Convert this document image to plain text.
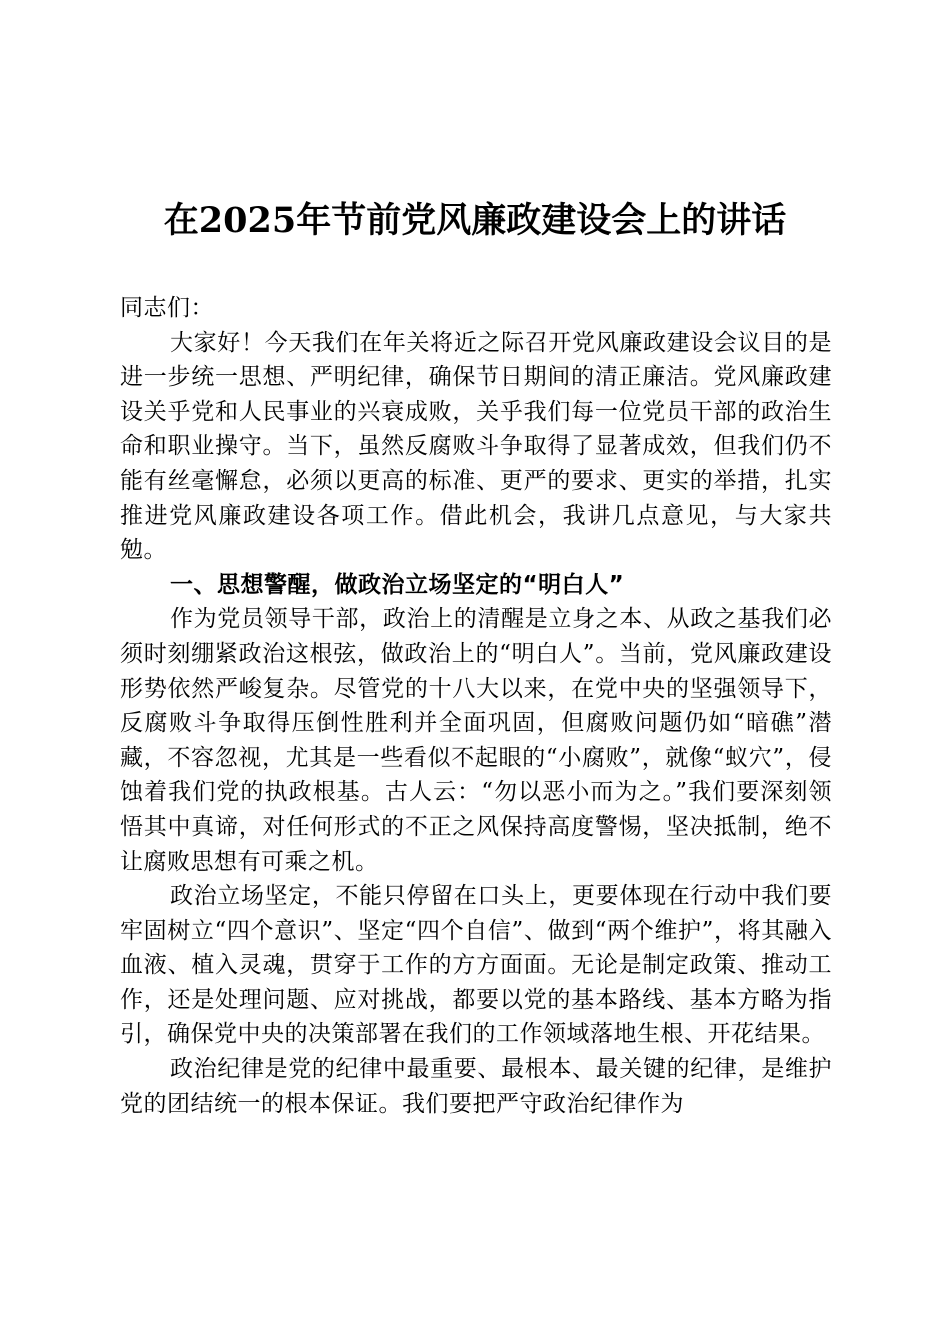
在2025年节前党风廉政建设会上的讲话

同志们：

大家好！今天我们在年关将近之际召开党风廉政建设会议目的是进一步统一思想、严明纪律，确保节日期间的清正廉洁。党风廉政建设关乎党和人民事业的兴衰成败，关乎我们每一位党员干部的政治生命和职业操守。当下，虽然反腐败斗争取得了显著成效，但我们仍不能有丝毫懈怠，必须以更高的标准、更严的要求、更实的举措，扎实推进党风廉政建设各项工作。借此机会，我讲几点意见，与大家共勉。

一、思想警醒，做政治立场坚定的“明白人”

作为党员领导干部，政治上的清醒是立身之本、从政之基我们必须时刻绷紧政治这根弦，做政治上的“明白人”。当前，党风廉政建设形势依然严峻复杂。尽管党的十八大以来，在党中央的坚强领导下，反腐败斗争取得压倒性胜利并全面巩固，但腐败问题仍如“暗礁”潜藏，不容忽视，尤其是一些看似不起眼的“小腐败”，就像“蚁穴”，侵蚀着我们党的执政根基。古人云：“勿以恶小而为之。”我们要深刻领悟其中真谛，对任何形式的不正之风保持高度警惕，坚决抵制，绝不让腐败思想有可乘之机。

政治立场坚定，不能只停留在口头上，更要体现在行动中我们要牢固树立“四个意识”、坚定“四个自信”、做到“两个维护”，将其融入血液、植入灵魂，贯穿于工作的方方面面。无论是制定政策、推动工作，还是处理问题、应对挑战，都要以党的基本路线、基本方略为指引，确保党中央的决策部署在我们的工作领域落地生根、开花结果。

政治纪律是党的纪律中最重要、最根本、最关键的纪律，是维护党的团结统一的根本保证。我们要把严守政治纪律作为
